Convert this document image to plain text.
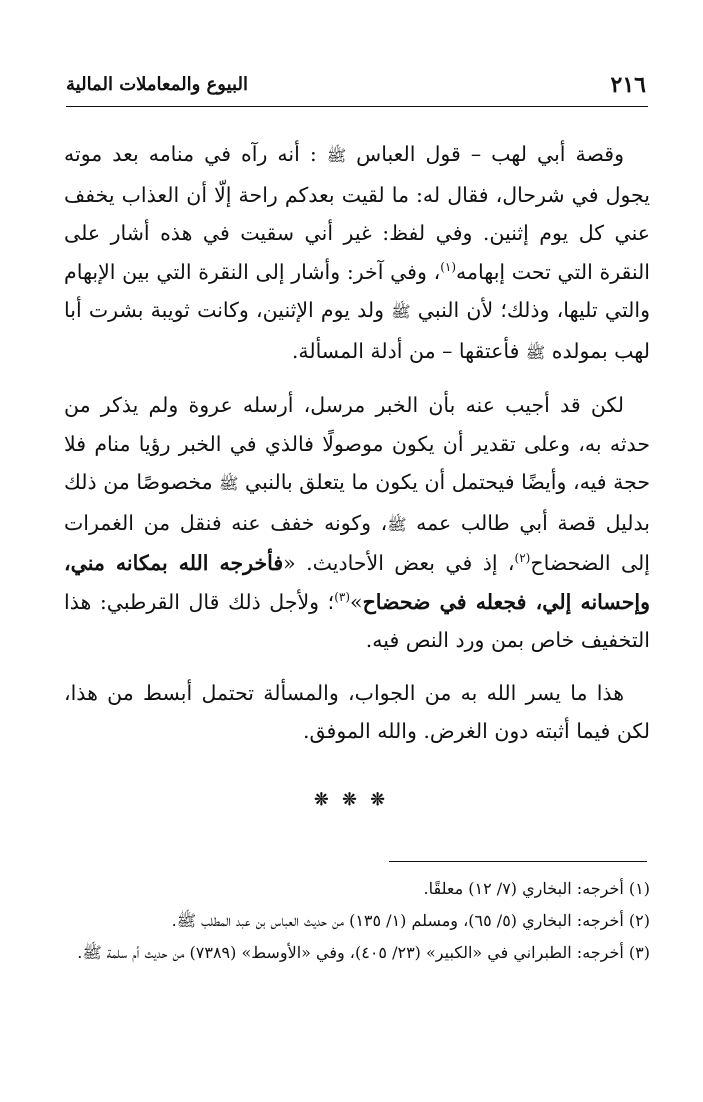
٢١٦
البيوع والمعاملات المالية

وقصة أبي لهب – قول العباس ﷺ : أنه رآه في منامه بعد موته يجول في شرحال، فقال له: ما لقيت بعدكم راحة إلّا أن العذاب يخفف عني كل يوم إثنين. وفي لفظ: غير أني سقيت في هذه أشار على النقرة التي تحت إبهامه$^{(١)}$، وفي آخر: وأشار إلى النقرة التي بين الإبهام والتي تليها، وذلك؛ لأن النبي ﷺ ولد يوم الإثنين، وكانت ثويبة بشرت أبا لهب بمولده ﷺ فأعتقها – من أدلة المسألة.

لكن قد أجيب عنه بأن الخبر مرسل، أرسله عروة ولم يذكر من حدثه به، وعلى تقدير أن يكون موصولًا فالذي في الخبر رؤيا منام فلا حجة فيه، وأيضًا فيحتمل أن يكون ما يتعلق بالنبي ﷺ مخصوصًا من ذلك بدليل قصة أبي طالب عمه ﷺ، وكونه خفف عنه فنقل من الغمرات إلى الضحضاح$^{(٢)}$، إذ في بعض الأحاديث. «فأخرجه الله بمكانه مني، وإحسانه إلي، فجعله في ضحضاح»$^{(٣)}$؛ ولأجل ذلك قال القرطبي: هذا التخفيف خاص بمن ورد النص فيه.

هذا ما يسر الله به من الجواب، والمسألة تحتمل أبسط من هذا، لكن فيما أثبته دون الغرض. والله الموفق.

❊ ❊ ❊

(١) أخرجه: البخاري (٧/ ١٢) معلقًا.

(٢) أخرجه: البخاري (٥/ ٦٥)، ومسلم (١/ ١٣٥) من حديث العباس بن عبد المطلب ﷺ.

(٣) أخرجه: الطبراني في «الكبير» (٢٣/ ٤٠٥)، وفي «الأوسط» (٧٣٨٩) من حديث أم سلمة ﷺ.
